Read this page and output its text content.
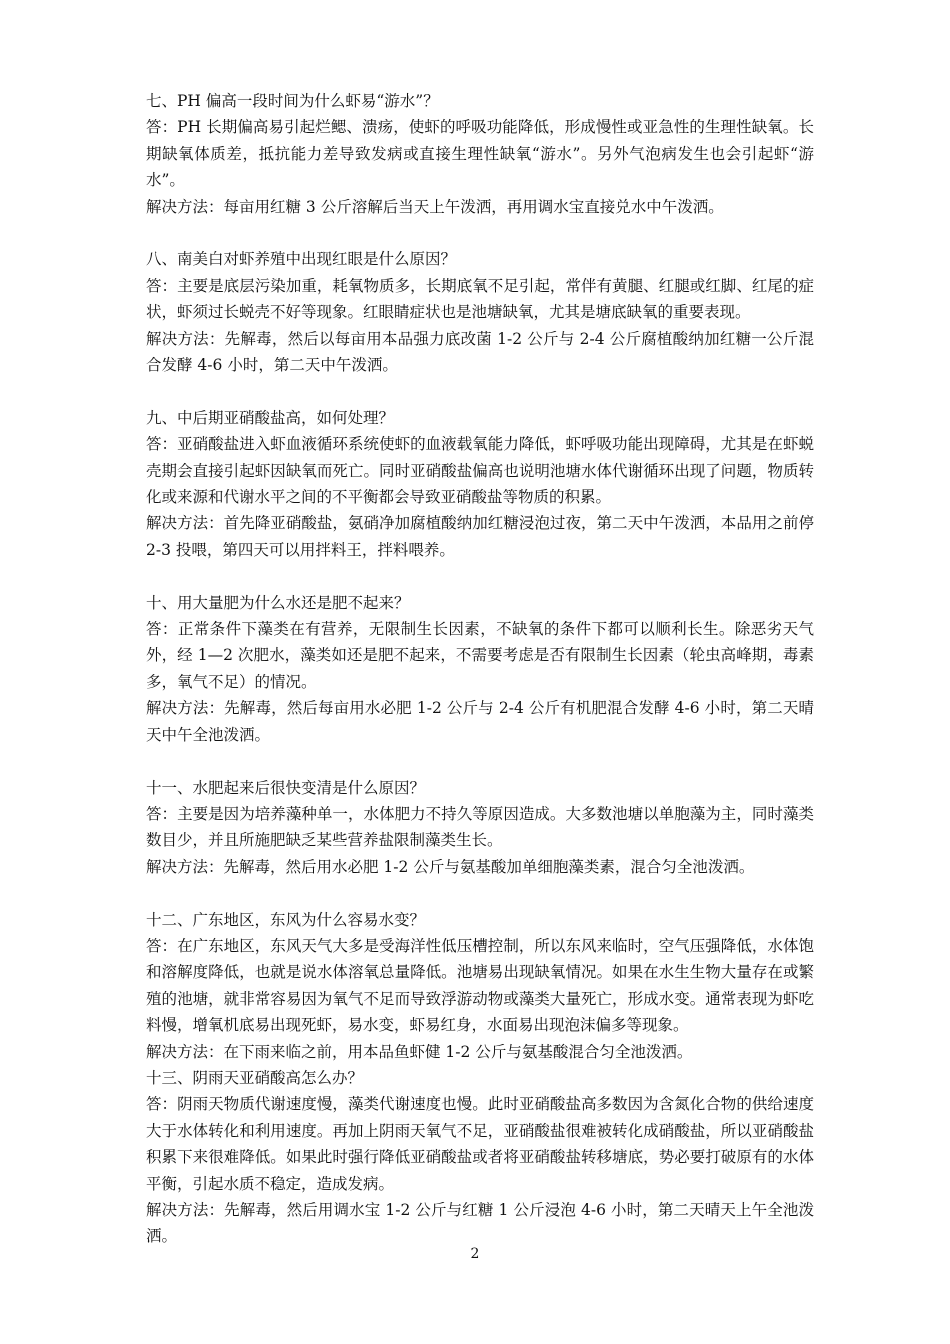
七、PH 偏高一段时间为什么虾易“游水”？

答：PH 长期偏高易引起烂鳃、溃疡，使虾的呼吸功能降低，形成慢性或亚急性的生理性缺氧。长期缺氧体质差，抵抗能力差导致发病或直接生理性缺氧“游水”。另外气泡病发生也会引起虾“游水”。

解决方法：每亩用红糖 3 公斤溶解后当天上午泼洒，再用调水宝直接兑水中午泼洒。

八、南美白对虾养殖中出现红眼是什么原因？

答：主要是底层污染加重，耗氧物质多，长期底氧不足引起，常伴有黄腿、红腿或红脚、红尾的症状，虾须过长蜕壳不好等现象。红眼睛症状也是池塘缺氧，尤其是塘底缺氧的重要表现。

解决方法：先解毒，然后以每亩用本品强力底改菌 1-2 公斤与 2-4 公斤腐植酸纳加红糖一公斤混合发酵 4-6 小时，第二天中午泼洒。

九、中后期亚硝酸盐高，如何处理？

答：亚硝酸盐进入虾血液循环系统使虾的血液载氧能力降低，虾呼吸功能出现障碍，尤其是在虾蜕壳期会直接引起虾因缺氧而死亡。同时亚硝酸盐偏高也说明池塘水体代谢循环出现了问题，物质转化或来源和代谢水平之间的不平衡都会导致亚硝酸盐等物质的积累。

解决方法：首先降亚硝酸盐，氨硝净加腐植酸纳加红糖浸泡过夜，第二天中午泼洒，本品用之前停 2-3 投喂，第四天可以用拌料王，拌料喂养。

十、用大量肥为什么水还是肥不起来？

答：正常条件下藻类在有营养，无限制生长因素，不缺氧的条件下都可以顺利长生。除恶劣天气外，经 1—2 次肥水，藻类如还是肥不起来，不需要考虑是否有限制生长因素（轮虫高峰期，毒素多，氧气不足）的情况。

解决方法：先解毒，然后每亩用水必肥 1-2 公斤与 2-4 公斤有机肥混合发酵 4-6 小时，第二天晴天中午全池泼洒。

十一、水肥起来后很快变清是什么原因？

答：主要是因为培养藻种单一，水体肥力不持久等原因造成。大多数池塘以单胞藻为主，同时藻类数目少，并且所施肥缺乏某些营养盐限制藻类生长。

解决方法：先解毒，然后用水必肥 1-2 公斤与氨基酸加单细胞藻类素，混合匀全池泼洒。

十二、广东地区，东风为什么容易水变？

答：在广东地区，东风天气大多是受海洋性低压槽控制，所以东风来临时，空气压强降低，水体饱和溶解度降低，也就是说水体溶氧总量降低。池塘易出现缺氧情况。如果在水生生物大量存在或繁殖的池塘，就非常容易因为氧气不足而导致浮游动物或藻类大量死亡，形成水变。通常表现为虾吃料慢，增氧机底易出现死虾，易水变，虾易红身，水面易出现泡沫偏多等现象。

解决方法：在下雨来临之前，用本品鱼虾健 1-2 公斤与氨基酸混合匀全池泼洒。

十三、阴雨天亚硝酸高怎么办？

答：阴雨天物质代谢速度慢，藻类代谢速度也慢。此时亚硝酸盐高多数因为含氮化合物的供给速度大于水体转化和利用速度。再加上阴雨天氧气不足，亚硝酸盐很难被转化成硝酸盐，所以亚硝酸盐积累下来很难降低。如果此时强行降低亚硝酸盐或者将亚硝酸盐转移塘底，势必要打破原有的水体平衡，引起水质不稳定，造成发病。

解决方法：先解毒，然后用调水宝 1-2 公斤与红糖 1 公斤浸泡 4-6 小时，第二天晴天上午全池泼洒。

2
